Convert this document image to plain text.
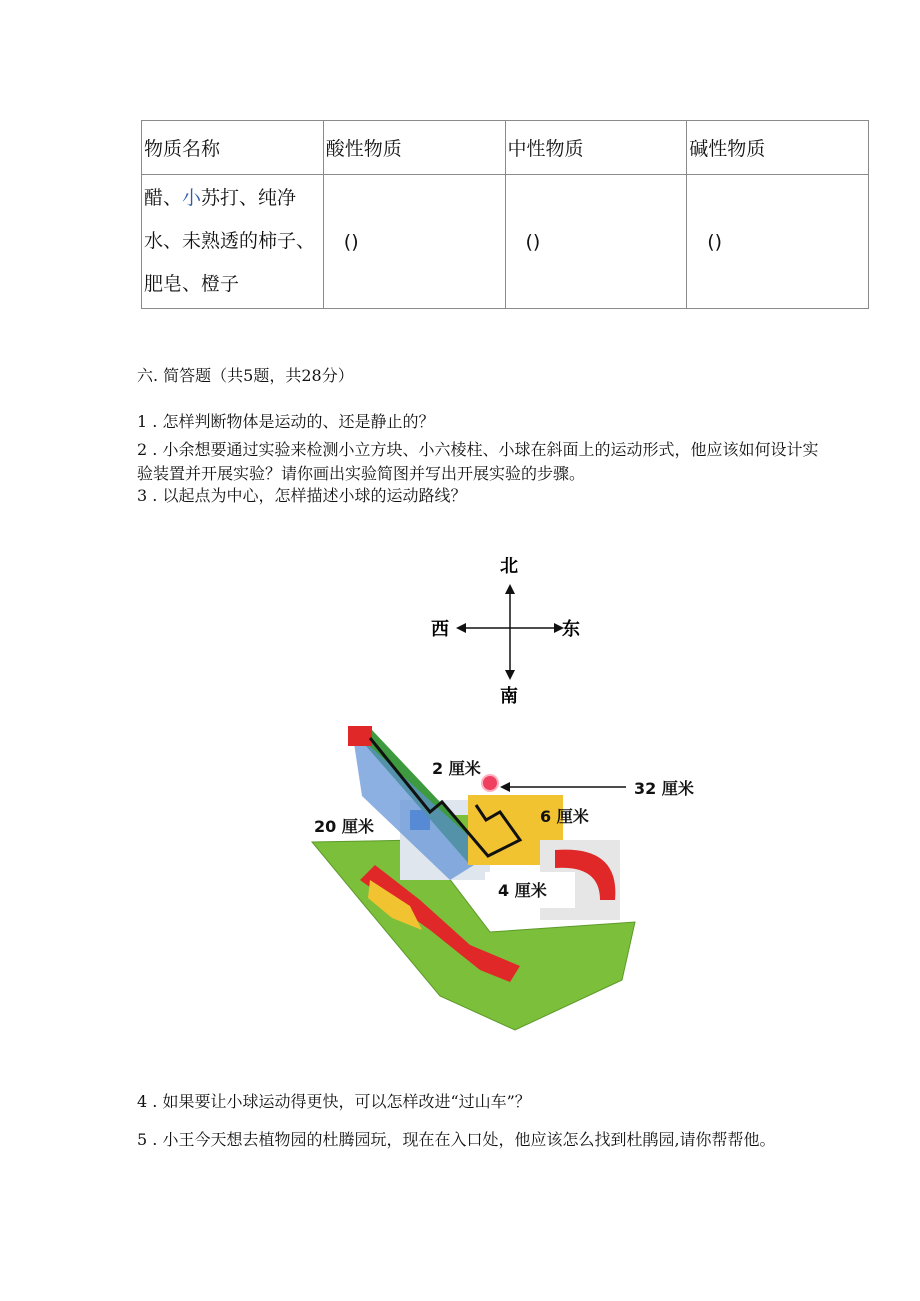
物质名称	酸性物质	中性物质	碱性物质

醋、小苏打、纯净
水、未熟透的柿子、
肥皂、橙子	()	()	()
六. 简答题（共5题，共28分）
1 . 怎样判断物体是运动的、还是静止的？
2 . 小余想要通过实验来检测小立方块、小六棱柱、小球在斜面上的运动形式，他应该如何设计实
验装置并开展实验？请你画出实验简图并写出开展实验的步骤。
3 . 以起点为中心，怎样描述小球的运动路线？
北
南
西	东
2 厘米
32 厘米
6 厘米
20 厘米
4 厘米
4 . 如果要让小球运动得更快，可以怎样改进“过山车”？
5 . 小王今天想去植物园的杜腾园玩，现在在入口处，他应该怎么找到杜鹃园,请你帮帮他。
